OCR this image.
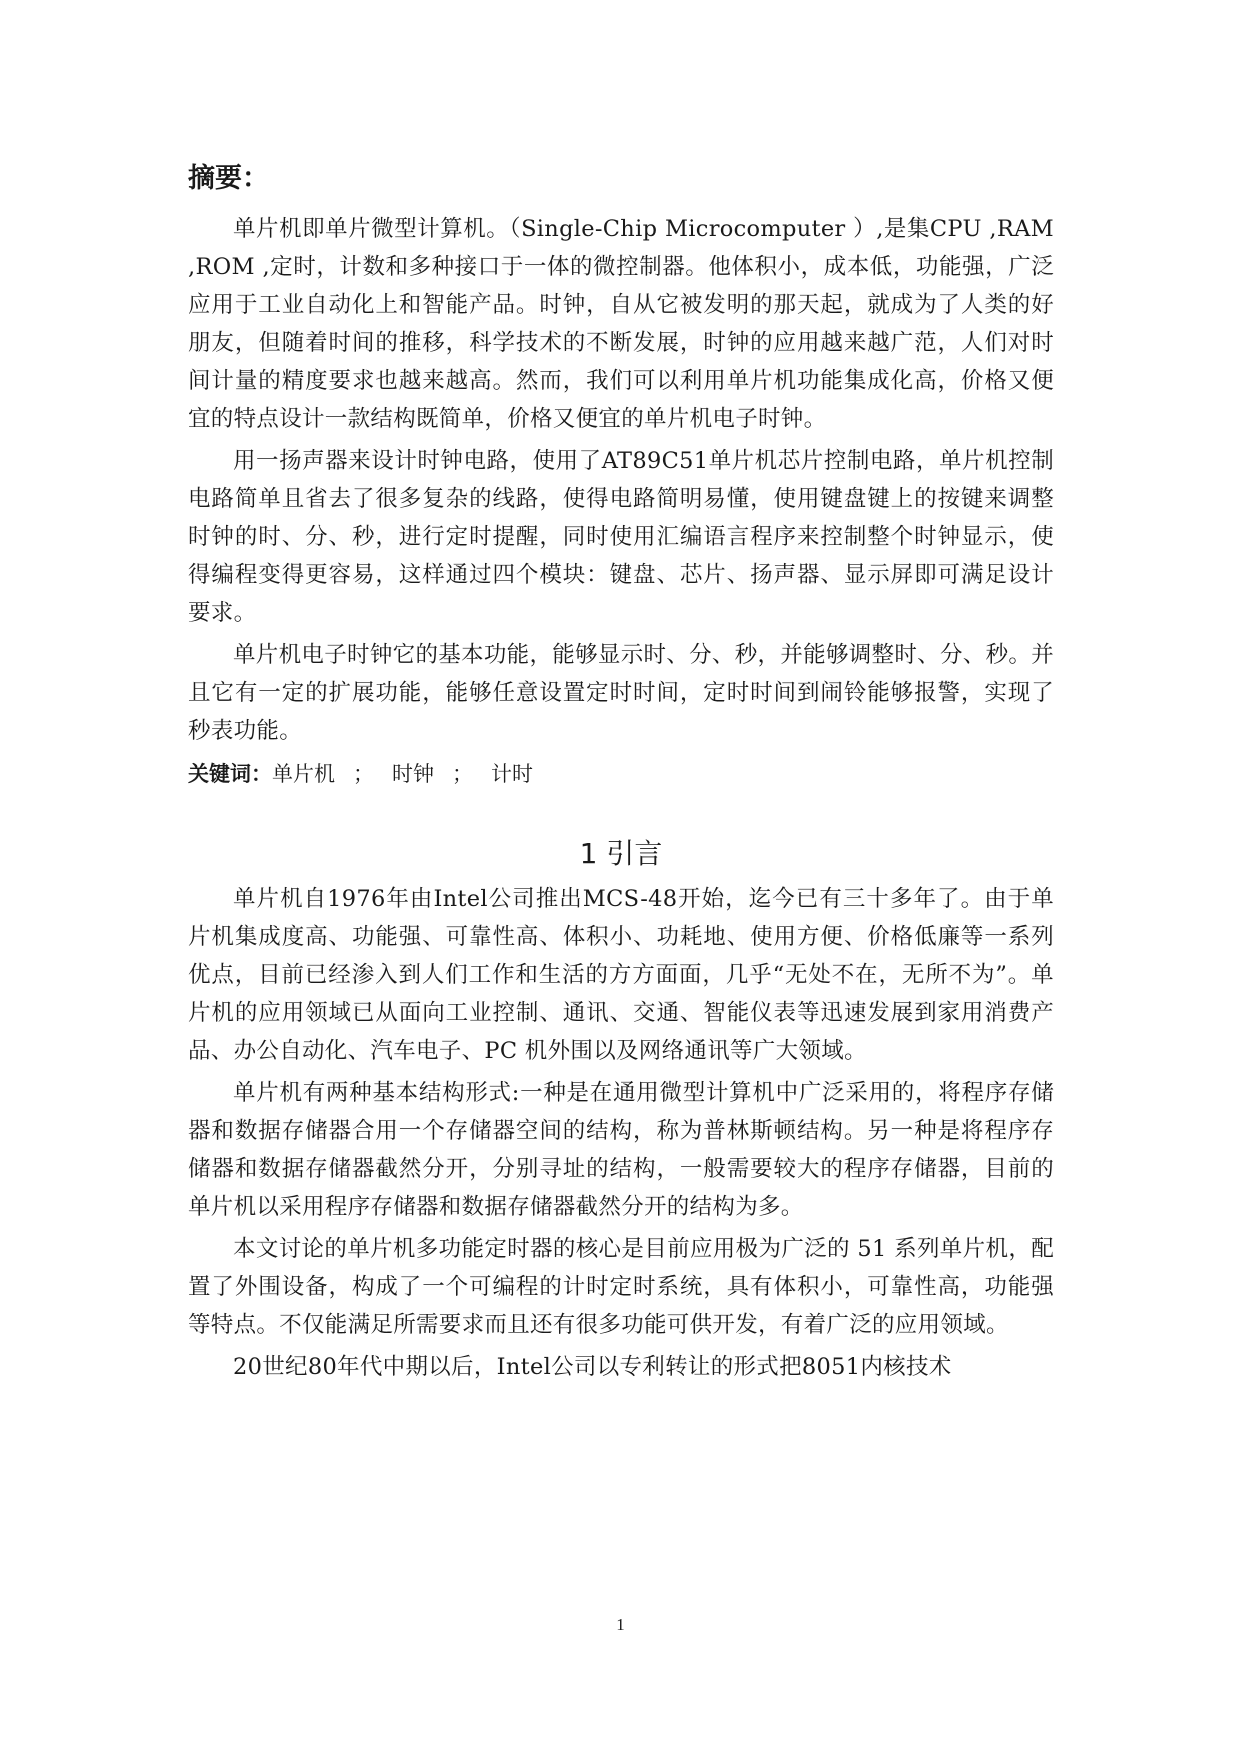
摘要：

单片机即单片微型计算机。（Single-Chip Microcomputer ）,是集CPU ,RAM ,ROM ,定时，计数和多种接口于一体的微控制器。他体积小，成本低，功能强，广泛应用于工业自动化上和智能产品。时钟，自从它被发明的那天起，就成为了人类的好朋友，但随着时间的推移，科学技术的不断发展，时钟的应用越来越广范，人们对时间计量的精度要求也越来越高。然而，我们可以利用单片机功能集成化高，价格又便宜的特点设计一款结构既简单，价格又便宜的单片机电子时钟。

用一扬声器来设计时钟电路，使用了AT89C51单片机芯片控制电路，单片机控制电路简单且省去了很多复杂的线路，使得电路简明易懂，使用键盘键上的按键来调整时钟的时、分、秒，进行定时提醒，同时使用汇编语言程序来控制整个时钟显示，使得编程变得更容易，这样通过四个模块：键盘、芯片、扬声器、显示屏即可满足设计要求。

单片机电子时钟它的基本功能，能够显示时、分、秒，并能够调整时、分、秒。并且它有一定的扩展功能，能够任意设置定时时间，定时时间到闹铃能够报警，实现了秒表功能。

关键词：单片机 ； 时钟 ； 计时
1 引言

单片机自1976年由Intel公司推出MCS-48开始，迄今已有三十多年了。由于单片机集成度高、功能强、可靠性高、体积小、功耗地、使用方便、价格低廉等一系列优点，目前已经渗入到人们工作和生活的方方面面，几乎“无处不在，无所不为”。单片机的应用领域已从面向工业控制、通讯、交通、智能仪表等迅速发展到家用消费产品、办公自动化、汽车电子、PC 机外围以及网络通讯等广大领域。

单片机有两种基本结构形式:一种是在通用微型计算机中广泛采用的，将程序存储器和数据存储器合用一个存储器空间的结构，称为普林斯顿结构。另一种是将程序存储器和数据存储器截然分开，分别寻址的结构，一般需要较大的程序存储器，目前的单片机以采用程序存储器和数据存储器截然分开的结构为多。

本文讨论的单片机多功能定时器的核心是目前应用极为广泛的 51 系列单片机，配置了外围设备，构成了一个可编程的计时定时系统，具有体积小，可靠性高，功能强等特点。不仅能满足所需要求而且还有很多功能可供开发，有着广泛的应用领域。

20世纪80年代中期以后，Intel公司以专利转让的形式把8051内核技术

1
